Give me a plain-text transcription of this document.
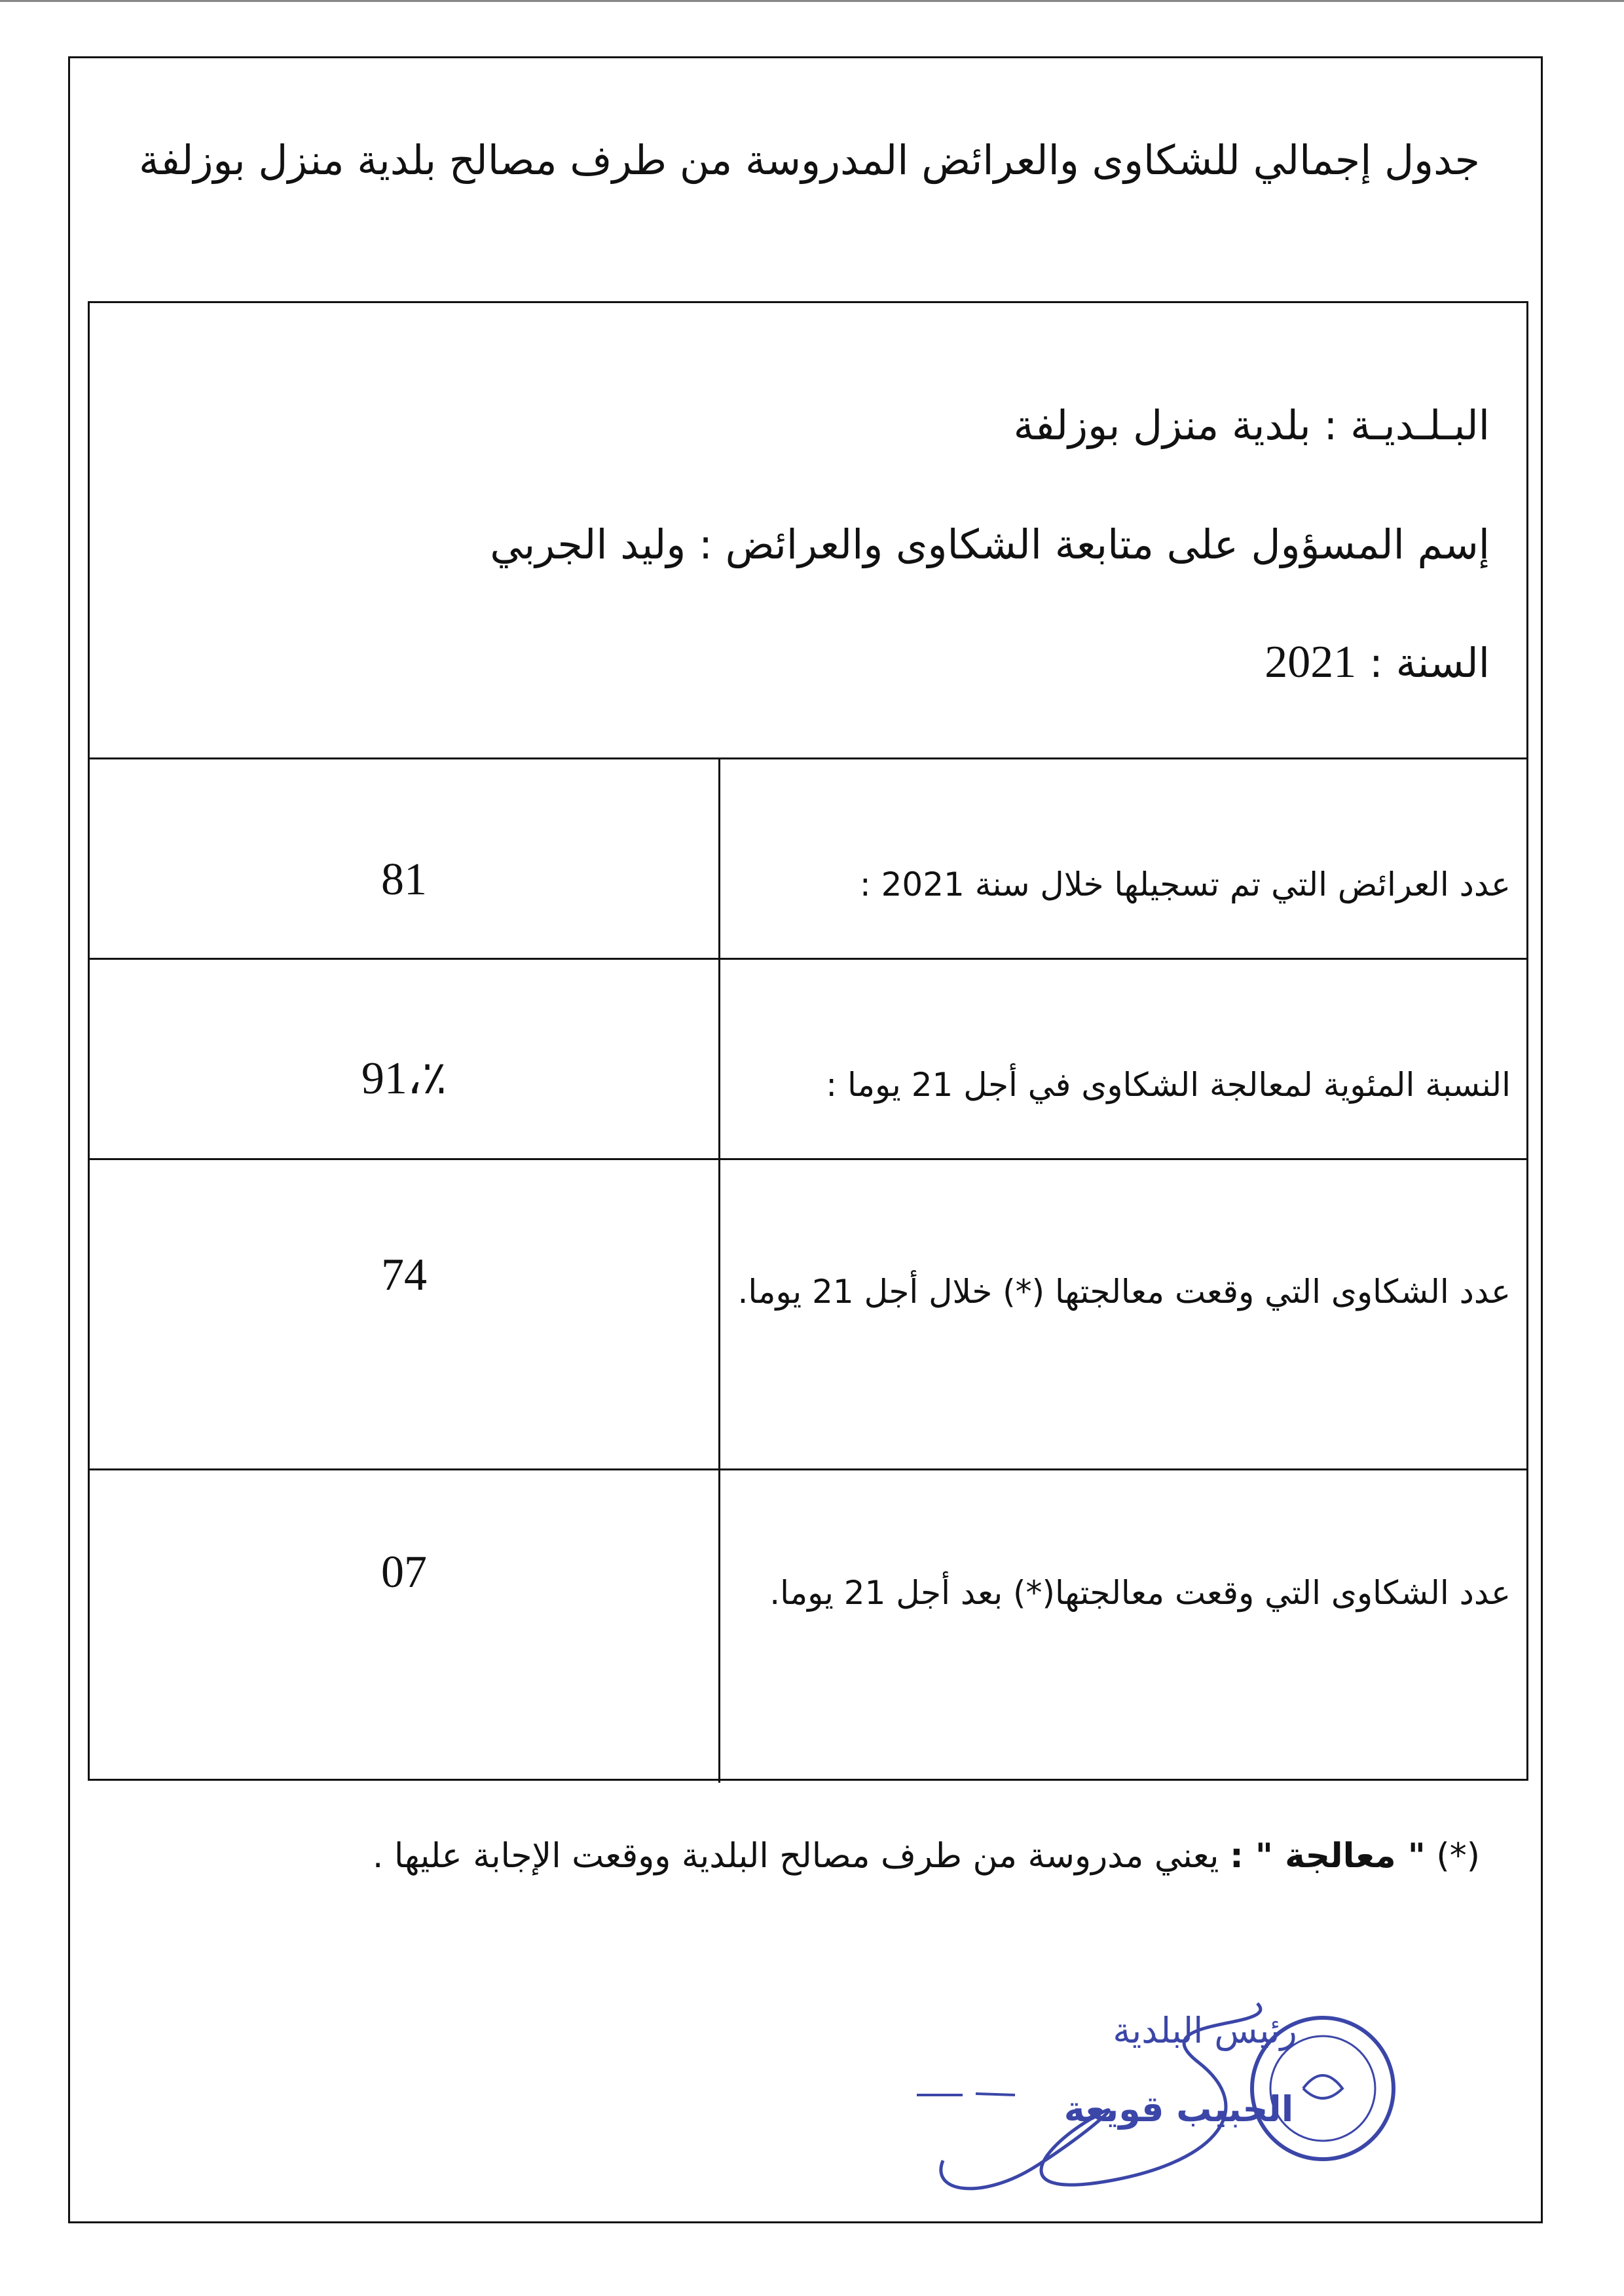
جدول إجمالي للشكاوى والعرائض المدروسة من طرف مصالح بلدية منزل بوزلفة
البـلـديـة : بلدية منزل بوزلفة
إسم المسؤول على متابعة الشكاوى والعرائض : وليد الجربي
السنة : 2021
عدد العرائض التي تم تسجيلها خلال سنة 2021 :
81
النسبة المئوية لمعالجة الشكاوى في أجل 21 يوما :
91،٪
عدد الشكاوى التي وقعت معالجتها (*) خلال أجل 21 يوما.
74
عدد الشكاوى التي وقعت معالجتها(*) بعد أجل 21 يوما.
07
(*) " معالجة " : يعني مدروسة من طرف مصالح البلدية ووقعت الإجابة عليها .
رئيس البلدية
الحبيب قويعة
